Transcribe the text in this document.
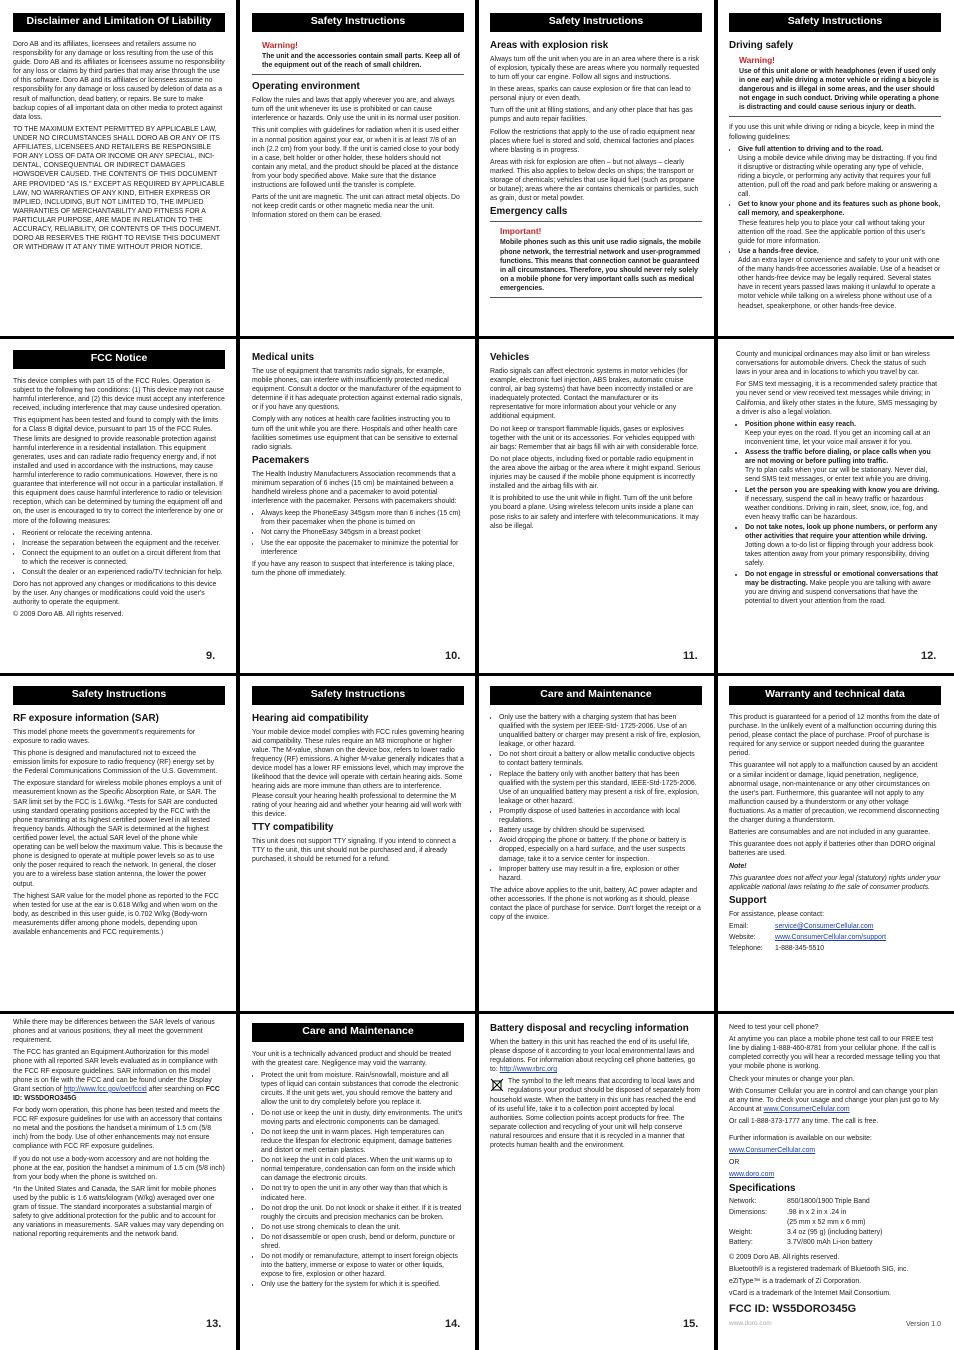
Disclaimer and Limitation Of Liability

Doro AB and its affiliates, licensees and retailers assume no responsibility for any damage or loss resulting from the use of this guide. Doro AB and its affiliates or licensees assume no responsibility for any loss or claims by third parties that may arise through the use of this software. Doro AB and its affiliates or licensees assume no responsibility for any damage or loss caused by deletion of data as a result of malfunction, dead battery, or repairs. Be sure to make backup copies of all important data on other media to protect against data loss.

TO THE MAXIMUM EXTENT PERMITTED BY APPLICABLE LAW, UNDER NO CIRCUMSTANCES SHALL DORO AB OR ANY OF ITS AFFILIATES, LICENSEES AND RETAILERS BE RESPONSIBLE FOR ANY LOSS OF DATA OR INCOME OR ANY SPECIAL, INCI-DENTAL, CONSEQUENTIAL OR INDIRECT DAMAGES HOWSOEVER CAUSED. THE CONTENTS OF THIS DOCUMENT ARE PROVIDED "AS IS." EXCEPT AS REQUIRED BY APPLICABLE LAW, NO WARRANTIES OF ANY KIND, EITHER EXPRESS OR IMPLIED, INCLUDING, BUT NOT LIMITED TO, THE IMPLIED WARRANTIES OF MERCHANTABILITY AND FITNESS FOR A PARTICULAR PURPOSE, ARE MADE IN RELATION TO THE ACCURACY, RELIABILITY, OR CONTENTS OF THIS DOCUMENT. DORO AB RESERVES THE RIGHT TO REVISE THIS DOCUMENT OR WITHDRAW IT AT ANY TIME WITHOUT PRIOR NOTICE.

FCC Notice

This device complies with part 15 of the FCC Rules. Operation is subject to the following two conditions: (1) This device may not cause harmful interference, and (2) this device must accept any interference received, including interference that may cause undesired operation.

This equipment has been tested and found to comply with the limits for a Class B digital device, pursuant to part 15 of the FCC Rules. These limits are designed to provide reasonable protection against harmful interference in a residential installation. This equipment generates, uses and can radiate radio frequency energy and, if not installed and used in accordance with the instructions, may cause harmful interference to radio communications. However, there is no guarantee that interference will not occur in a particular installation. If this equipment does cause harmful interference to radio or television reception, which can be determined by turning the equipment off and on, the user is encouraged to try to correct the interference by one or more of the following measures:

• Reorient or relocate the receiving antenna.
• Increase the separation between the equipment and the receiver.
• Connect the equipment to an outlet on a circuit different from that to which the receiver is connected.
• Consult the dealer or an experienced radio/TV technician for help.

Doro has not approved any changes or modifications to this device by the user. Any changes or modifications could void the user's authority to operate the equipment.

© 2009 Doro AB. All rights reserved.

9.
Safety Instructions
RF exposure information (SAR)

This model phone meets the government's requirements for exposure to radio waves.

This phone is designed and manufactured not to exceed the emission limits for exposure to radio frequency (RF) energy set by the Federal Communications Commission of the U.S. Government.

The exposure standard for wireless mobile phones employs a unit of measurement known as the Specific Absorption Rate, or SAR. The SAR limit set by the FCC is 1.6W/kg. *Tests for SAR are conducted using standard operating positions accepted by the FCC with the phone transmitting at its highest certified power level in all tested frequency bands. Although the SAR is determined at the highest certified power level, the actual SAR level of the phone while operating can be well below the maximum value. This is because the phone is designed to operate at multiple power levels so as to use only the poser required to reach the network. In general, the closer you are to a wireless base station antenna, the lower the power output.

The highest SAR value for the model phone as reported to the FCC when tested for use at the ear is 0.618 W/kg and when worn on the body, as described in this user guide, is 0.702 W/kg (Body-worn measurements differ among phone models, depending upon available enhancements and FCC requirements.)

While there may be differences between the SAR levels of various phones and at various positions, they all meet the government requirement.

The FCC has granted an Equipment Authorization for this model phone with all reported SAR levels evaluated as in compliance with the FCC RF exposure guidelines. SAR information on this model phone is on file with the FCC and can be found under the Display Grant section of http://www.fcc.gov/oet/fccid after searching on FCC ID: WS5DORO345G

For body worn operation, this phone has been tested and meets the FCC RF exposure guidelines for use with an accessory that contains no metal and the positions the handset a minimum of 1.5 cm (5/8 inch) from the body. Use of other enhancements may not ensure compliance with FCC RF exposure guidelines.

If you do not use a body-worn accessory and are not holding the phone at the ear, position the handset a minimum of 1.5 cm (5/8 inch) from your body when the phone is switched on.

*In the United States and Canada, the SAR limit for mobile phones used by the public is 1.6 watts/kilogram (W/kg) averaged over one gram of tissue. The standard incorporates a substantial margin of safety to give additional protection for the public and to account for any variations in measurements. SAR values may vary depending on national reporting requirements and the network band.

13.
Safety Instructions
Warning!
The unit and the accessories contain small parts. Keep all of the equipment out of the reach of small children.
Operating environment

Follow the rules and laws that apply wherever you are, and always turn off the unit whenever its use is prohibited or can cause interference or hazards. Only use the unit in its normal user position.

This unit complies with guidelines for radiation when it is used either in a normal position against your ear, or when it is at least 7/8 of an inch (2.2 cm) from your body. If the unit is carried close to your body in a case, belt holder or other holder, these holders should not contain any metal, and the product should be placed at the distance from your body specified above. Make sure that the distance instructions are followed until the transfer is complete.

Parts of the unit are magnetic. The unit can attract metal objects. Do not keep credit cards or other magnetic media near the unit. Information stored on them can be erased.

Medical units

The use of equipment that transmits radio signals, for example, mobile phones, can interfere with insufficiently protected medical equipment. Consult a doctor or the manufacturer of the equipment to determine if it has adequate protection against external radio signals, or if you have any questions.

Comply with any notices at health care facilities instructing you to turn off the unit while you are there. Hospitals and other health care facilities sometimes use equipment that can be sensitive to external radio signals.

Pacemakers

The Health Industry Manufacturers Association recommends that a minimum separation of 6 inches (15 cm) be maintained between a handheld wireless phone and a pacemaker to avoid potential interference with the pacemaker. Persons with pacemakers should:

• Always keep the PhoneEasy 345gsm more than 6 inches (15 cm) from their pacemaker when the phone is turned on
• Not carry the PhoneEasy 345gsm in a breast pocket
• Use the ear opposite the pacemaker to minimize the potential for interference

If you have any reason to suspect that interference is taking place, turn the phone off immediately.

10.
Safety Instructions
Hearing aid compatibility

Your mobile device model complies with FCC rules governing hearing aid compatibility. These rules require an M3 microphone or higher value. The M-value, shown on the device box, refers to lower radio frequency (RF) emissions. A higher M-value generally indicates that a device model has a lower RF emissions level, which may improve the likelihood that the device will operate with certain hearing aids. Some hearing aids are more immune than others are to interference. Please consult your hearing health professional to determine the M rating of your hearing aid and whether your hearing aid will work with this device.

TTY compatibility

This unit does not support TTY signaling. If you intend to connect a TTY to the unit, this unit should not be purchased and, if already purchased, it should be returned for a refund.

Care and Maintenance

Your unit is a technically advanced product and should be treated with the greatest care. Negligence may void the warranty.

• Protect the unit from moisture. Rain/snowfall, moisture and all types of liquid can contain substances that corrode the electronic circuits. If the unit gets wet, you should remove the battery and allow the unit to dry completely before you replace it.
• Do not use or keep the unit in dusty, dirty environments. The unit's moving parts and electronic components can be damaged.
• Do not keep the unit in warm places. High temperatures can reduce the lifespan for electronic equipment, damage batteries and distort or melt certain plastics.
• Do not keep the unit in cold places. When the unit warms up to normal temperature, condensation can form on the inside which can damage the electronic circuits.
• Do not try to open the unit in any other way than that which is indicated here.
• Do not drop the unit. Do not knock or shake it either. If it is treated roughly the circuits and precision mechanics can be broken.
• Do not use strong chemicals to clean the unit.
• Do not disassemble or open crush, bend or deform, puncture or shred.
• Do not modify or remanufacture, attempt to insert foreign objects into the battery, immerse or expose to water or other liquids, expose to fire, explosion or other hazard.
• Only use the battery for the system for which it is specified.
14.
Safety Instructions
Areas with explosion risk

Always turn off the unit when you are in an area where there is a risk of explosion, typically these are areas where you normally requested to turn off your car engine. Follow all signs and instructions.

In these areas, sparks can cause explosion or fire that can lead to personal injury or even death.

Turn off the unit at filling stations, and any other place that has gas pumps and auto repair facilities.

Follow the restrictions that apply to the use of radio equipment near places where fuel is stored and sold, chemical factories and places where blasting is in progress.

Areas with risk for explosion are often – but not always – clearly marked. This also applies to below decks on ships; the transport or storage of chemicals; vehicles that use liquid fuel (such as propane or butane); areas where the air contains chemicals or particles, such as grain, dust or metal powder.

Emergency calls
Important!
Mobile phones such as this unit use radio signals, the mobile phone network, the terrestrial network and user-programmed functions. This means that connection cannot be guaranteed in all circumstances. Therefore, you should never rely solely on a mobile phone for very important calls such as medical emergencies.
Vehicles

Radio signals can affect electronic systems in motor vehicles (for example, electronic fuel injection, ABS brakes, automatic cruise control, air bag systems) that have been incorrectly installed or are inadequately protected. Contact the manufacturer or its representative for more information about your vehicle or any additional equipment.

Do not keep or transport flammable liquids, gases or explosives together with the unit or its accessories. For vehicles equipped with air bags: Remember that air bags fill with air with considerable force.

Do not place objects, including fixed or portable radio equipment in the area above the airbag or the area where it might expand. Serious injuries may be caused if the mobile phone equipment is incorrectly installed and the airbag fills with air.

It is prohibited to use the unit while in flight. Turn off the unit before you board a plane. Using wireless telecom units inside a plane can pose risks to air safety and interfere with telecommunications. It may also be illegal.

11.
Care and Maintenance
• Only use the battery with a charging system that has been qualified with the system per IEEE-Std- 1725-2006. Use of an unqualified battery or charger may present a risk of fire, explosion, leakage, or other hazard.
• Do not short circuit a battery or allow metallic conductive objects to contact battery terminals.
• Replace the battery only with another battery that has been qualified with the system per this standard, IEEE-Std-1725-2006. Use of an unqualified battery may present a risk of fire, explosion, leakage or other hazard.
• Promptly dispose of used batteries in accordance with local regulations.
• Battery usage by children should be supervised.
• Avoid dropping the phone or battery. If the phone or battery is dropped, especially on a hard surface, and the user suspects damage, take it to a service center for inspection.
• Improper battery use may result in a fire, explosion or other hazard.

The advice above applies to the unit, battery, AC power adapter and other accessories. If the phone is not working as it should, please contact the place of purchase for service. Don't forget the receipt or a copy of the invoice.

Battery disposal and recycling information

When the battery in this unit has reached the end of its useful life, please dispose of it according to your local environmental laws and regulations. For information about recycling cell phone batteries, go to: http://www.rbrc.org

The symbol to the left means that according to local laws and regulations your product should be disposed of separately from household waste. When the battery in this unit has reached the end of its useful life, take it to a collection point accepted by local authorities. Some collection points accept products for free. The separate collection and recycling of your unit will help conserve natural resources and ensure that it is recycled in a manner that protects human health and the environment.

15.
Safety Instructions
Driving safely
Warning!
Use of this unit alone or with headphones (even if used only in one ear) while driving a motor vehicle or riding a bicycle is dangerous and is illegal in some areas, and the user should not engage in such conduct. Driving while operating a phone is distracting and could cause serious injury or death.

If you use this unit while driving or riding a bicycle, keep in mind the following guidelines:

• Give full attention to driving and to the road.
Using a mobile device while driving may be distracting. If you find it disruptive or distracting while operating any type of vehicle, riding a bicycle, or performing any activity that requires your full attention, pull off the road and park before making or answering a call.
• Get to know your phone and its features such as phone book, call memory, and speakerphone.
These features help you to place your call without taking your attention off the road. See the applicable portion of this user's guide for more information.
• Use a hands-free device.
Add an extra layer of convenience and safety to your unit with one of the many hands-free accessories available. Use of a headset or other hands-free device may be legally required. Several states have in recent years passed laws making it unlawful to operate a motor vehicle while talking on a wireless phone without use of a headset, speakerphone, or other hands-free device.

County and municipal ordinances may also limit or ban wireless conversations for automobile drivers. Check the status of such laws in your area and in locations to which you travel by car.

For SMS text messaging, it is a recommended safety practice that you never send or view received text messages while driving; in California, and likely other states in the future, SMS messaging by a driver is also a legal violation.

• Position phone within easy reach.
Keep your eyes on the road. If you get an incoming call at an inconvenient time, let your voice mail answer it for you.
• Assess the traffic before dialing, or place calls when you are not moving or before pulling into traffic.
Try to plan calls when your car will be stationary. Never dial, send SMS text messages, or enter text while you are driving.
• Let the person you are speaking with know you are driving.
If necessary, suspend the call in heavy traffic or hazardous weather conditions. Driving in rain, sleet, snow, ice, fog, and even heavy traffic can be hazardous.
• Do not take notes, look up phone numbers, or perform any other activities that require your attention while driving.
Jotting down a to-do list or flipping through your address book takes attention away from your primary responsibility, driving safely.
• Do not engage in stressful or emotional conversations that may be distracting. Make people you are talking with aware you are driving and suspend conversations that have the potential to divert your attention from the road.
12.
Warranty and technical data

This product is guaranteed for a period of 12 months from the date of purchase. In the unlikely event of a malfunction occurring during this period, please contact the place of purchase. Proof of purchase is required for any service or support needed during the guarantee period.

This guarantee will not apply to a malfunction caused by an accident or a similar incident or damage, liquid penetration, negligence, abnormal usage, non-maintenance or any other circumstances on the user's part. Furthermore, this guarantee will not apply to any malfunction caused by a thunderstorm or any other voltage fluctuations. As a matter of precaution, we recommend disconnecting the charger during a thunderstorm.

Batteries are consumables and are not included in any guarantee.

This guarantee does not apply if batteries other than DORO original batteries are used.

Note!

This guarantee does not affect your legal (statutory) rights under your applicable national laws relating to the sale of consumer products.

Support

For assistance, please contact:

Email:	service@ConsumerCellular.com
Website:	www.ConsumerCellular.com/support
Telephone:	1-888-345-5510

Need to test your cell phone?

At anytime you can place a mobile phone test call to our FREE test line by dialing 1-888-460-8781 from your cellular phone. If the call is completed correctly you will hear a recorded message telling you that your mobile phone is working.

Check your minutes or change your plan.

With Consumer Cellular you are in control and can change your plan at any time. To check your usage and change your plan just go to My Account at www.ConsumerCellular.com

Or call 1-888-373-1777 any time. The call is free.

Further information is available on our website:

www.ConsumerCellular.com

OR

www.doro.com

Specifications
Network:	850/1800/1900 Triple Band
Dimensions:	.98 in x 2 in x .24 in
(25 mm x 52 mm x 6 mm)
Weight:	3.4 oz (95 g) (including battery)
Battery:	3.7V/800 mAh Li-ion battery

© 2009 Doro AB. All rights reserved.

Bluetooth® is a registered trademark of Bluetooth SIG, inc.

eZiType™ is a trademark of Zi Corporation.

vCard is a trademark of the Internet Mail Consortium.

FCC ID: WS5DORO345G
www.doro.com	Version 1.0
